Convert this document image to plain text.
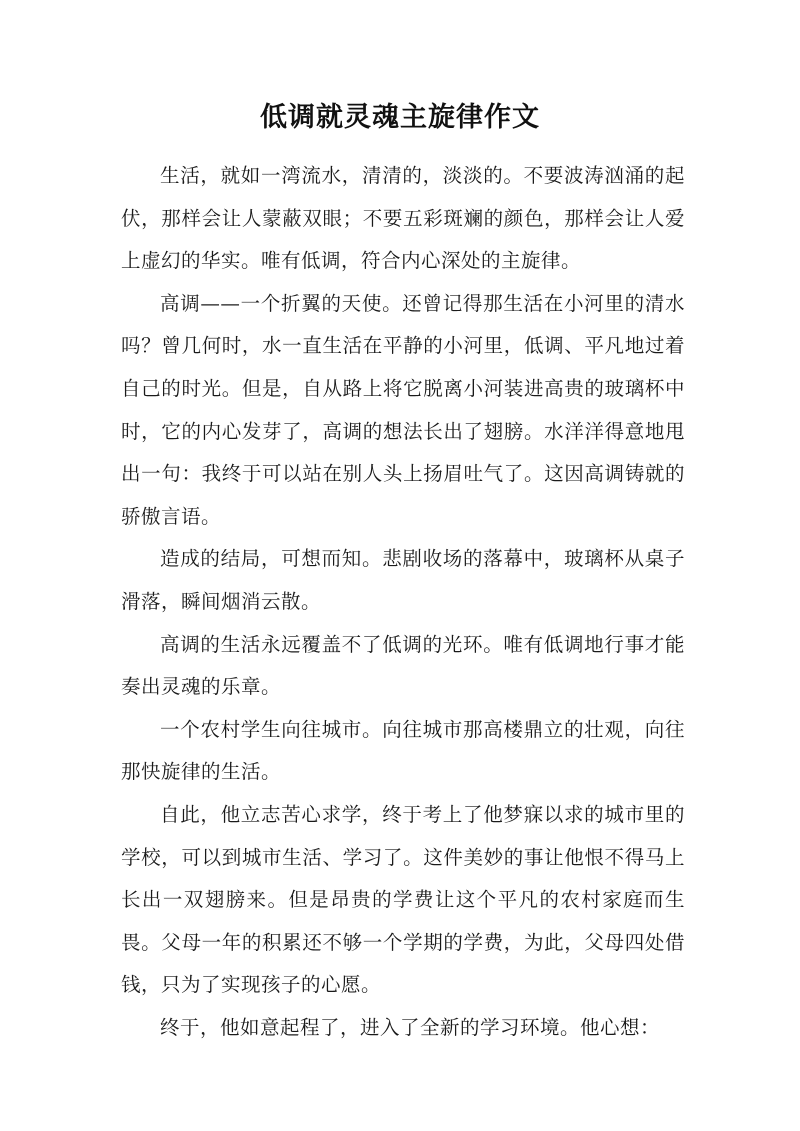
低调就灵魂主旋律作文

生活，就如一湾流水，清清的，淡淡的。不要波涛汹涌的起伏，那样会让人蒙蔽双眼；不要五彩斑斓的颜色，那样会让人爱上虚幻的华实。唯有低调，符合内心深处的主旋律。

高调——一个折翼的天使。还曾记得那生活在小河里的清水吗？曾几何时，水一直生活在平静的小河里，低调、平凡地过着自己的时光。但是，自从路上将它脱离小河装进高贵的玻璃杯中时，它的内心发芽了，高调的想法长出了翅膀。水洋洋得意地甩出一句：我终于可以站在别人头上扬眉吐气了。这因高调铸就的骄傲言语。

造成的结局，可想而知。悲剧收场的落幕中，玻璃杯从桌子滑落，瞬间烟消云散。

高调的生活永远覆盖不了低调的光环。唯有低调地行事才能奏出灵魂的乐章。

一个农村学生向往城市。向往城市那高楼鼎立的壮观，向往那快旋律的生活。

自此，他立志苦心求学，终于考上了他梦寐以求的城市里的学校，可以到城市生活、学习了。这件美妙的事让他恨不得马上长出一双翅膀来。但是昂贵的学费让这个平凡的农村家庭而生畏。父母一年的积累还不够一个学期的学费，为此，父母四处借钱，只为了实现孩子的心愿。

终于，他如意起程了，进入了全新的学习环境。他心想：
